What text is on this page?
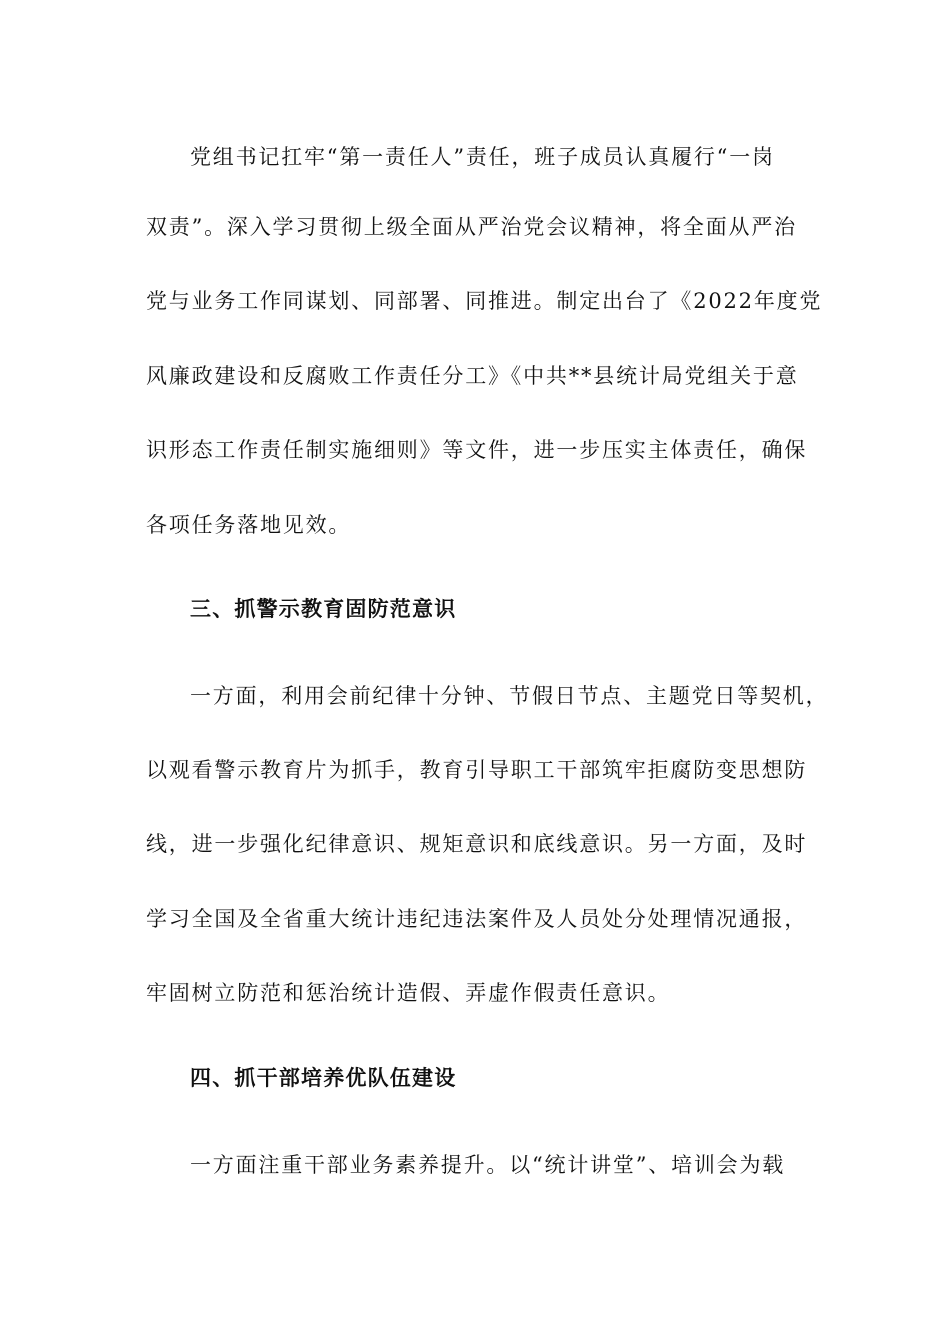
党组书记扛牢“第一责任人”责任，班子成员认真履行“一岗
双责”。深入学习贯彻上级全面从严治党会议精神，将全面从严治
党与业务工作同谋划、同部署、同推进。制定出台了《2022年度党
风廉政建设和反腐败工作责任分工》《中共**县统计局党组关于意
识形态工作责任制实施细则》等文件，进一步压实主体责任，确保
各项任务落地见效。
三、抓警示教育固防范意识
一方面，利用会前纪律十分钟、节假日节点、主题党日等契机，
以观看警示教育片为抓手，教育引导职工干部筑牢拒腐防变思想防
线，进一步强化纪律意识、规矩意识和底线意识。另一方面，及时
学习全国及全省重大统计违纪违法案件及人员处分处理情况通报，
牢固树立防范和惩治统计造假、弄虚作假责任意识。
四、抓干部培养优队伍建设
一方面注重干部业务素养提升。以“统计讲堂”、培训会为载
